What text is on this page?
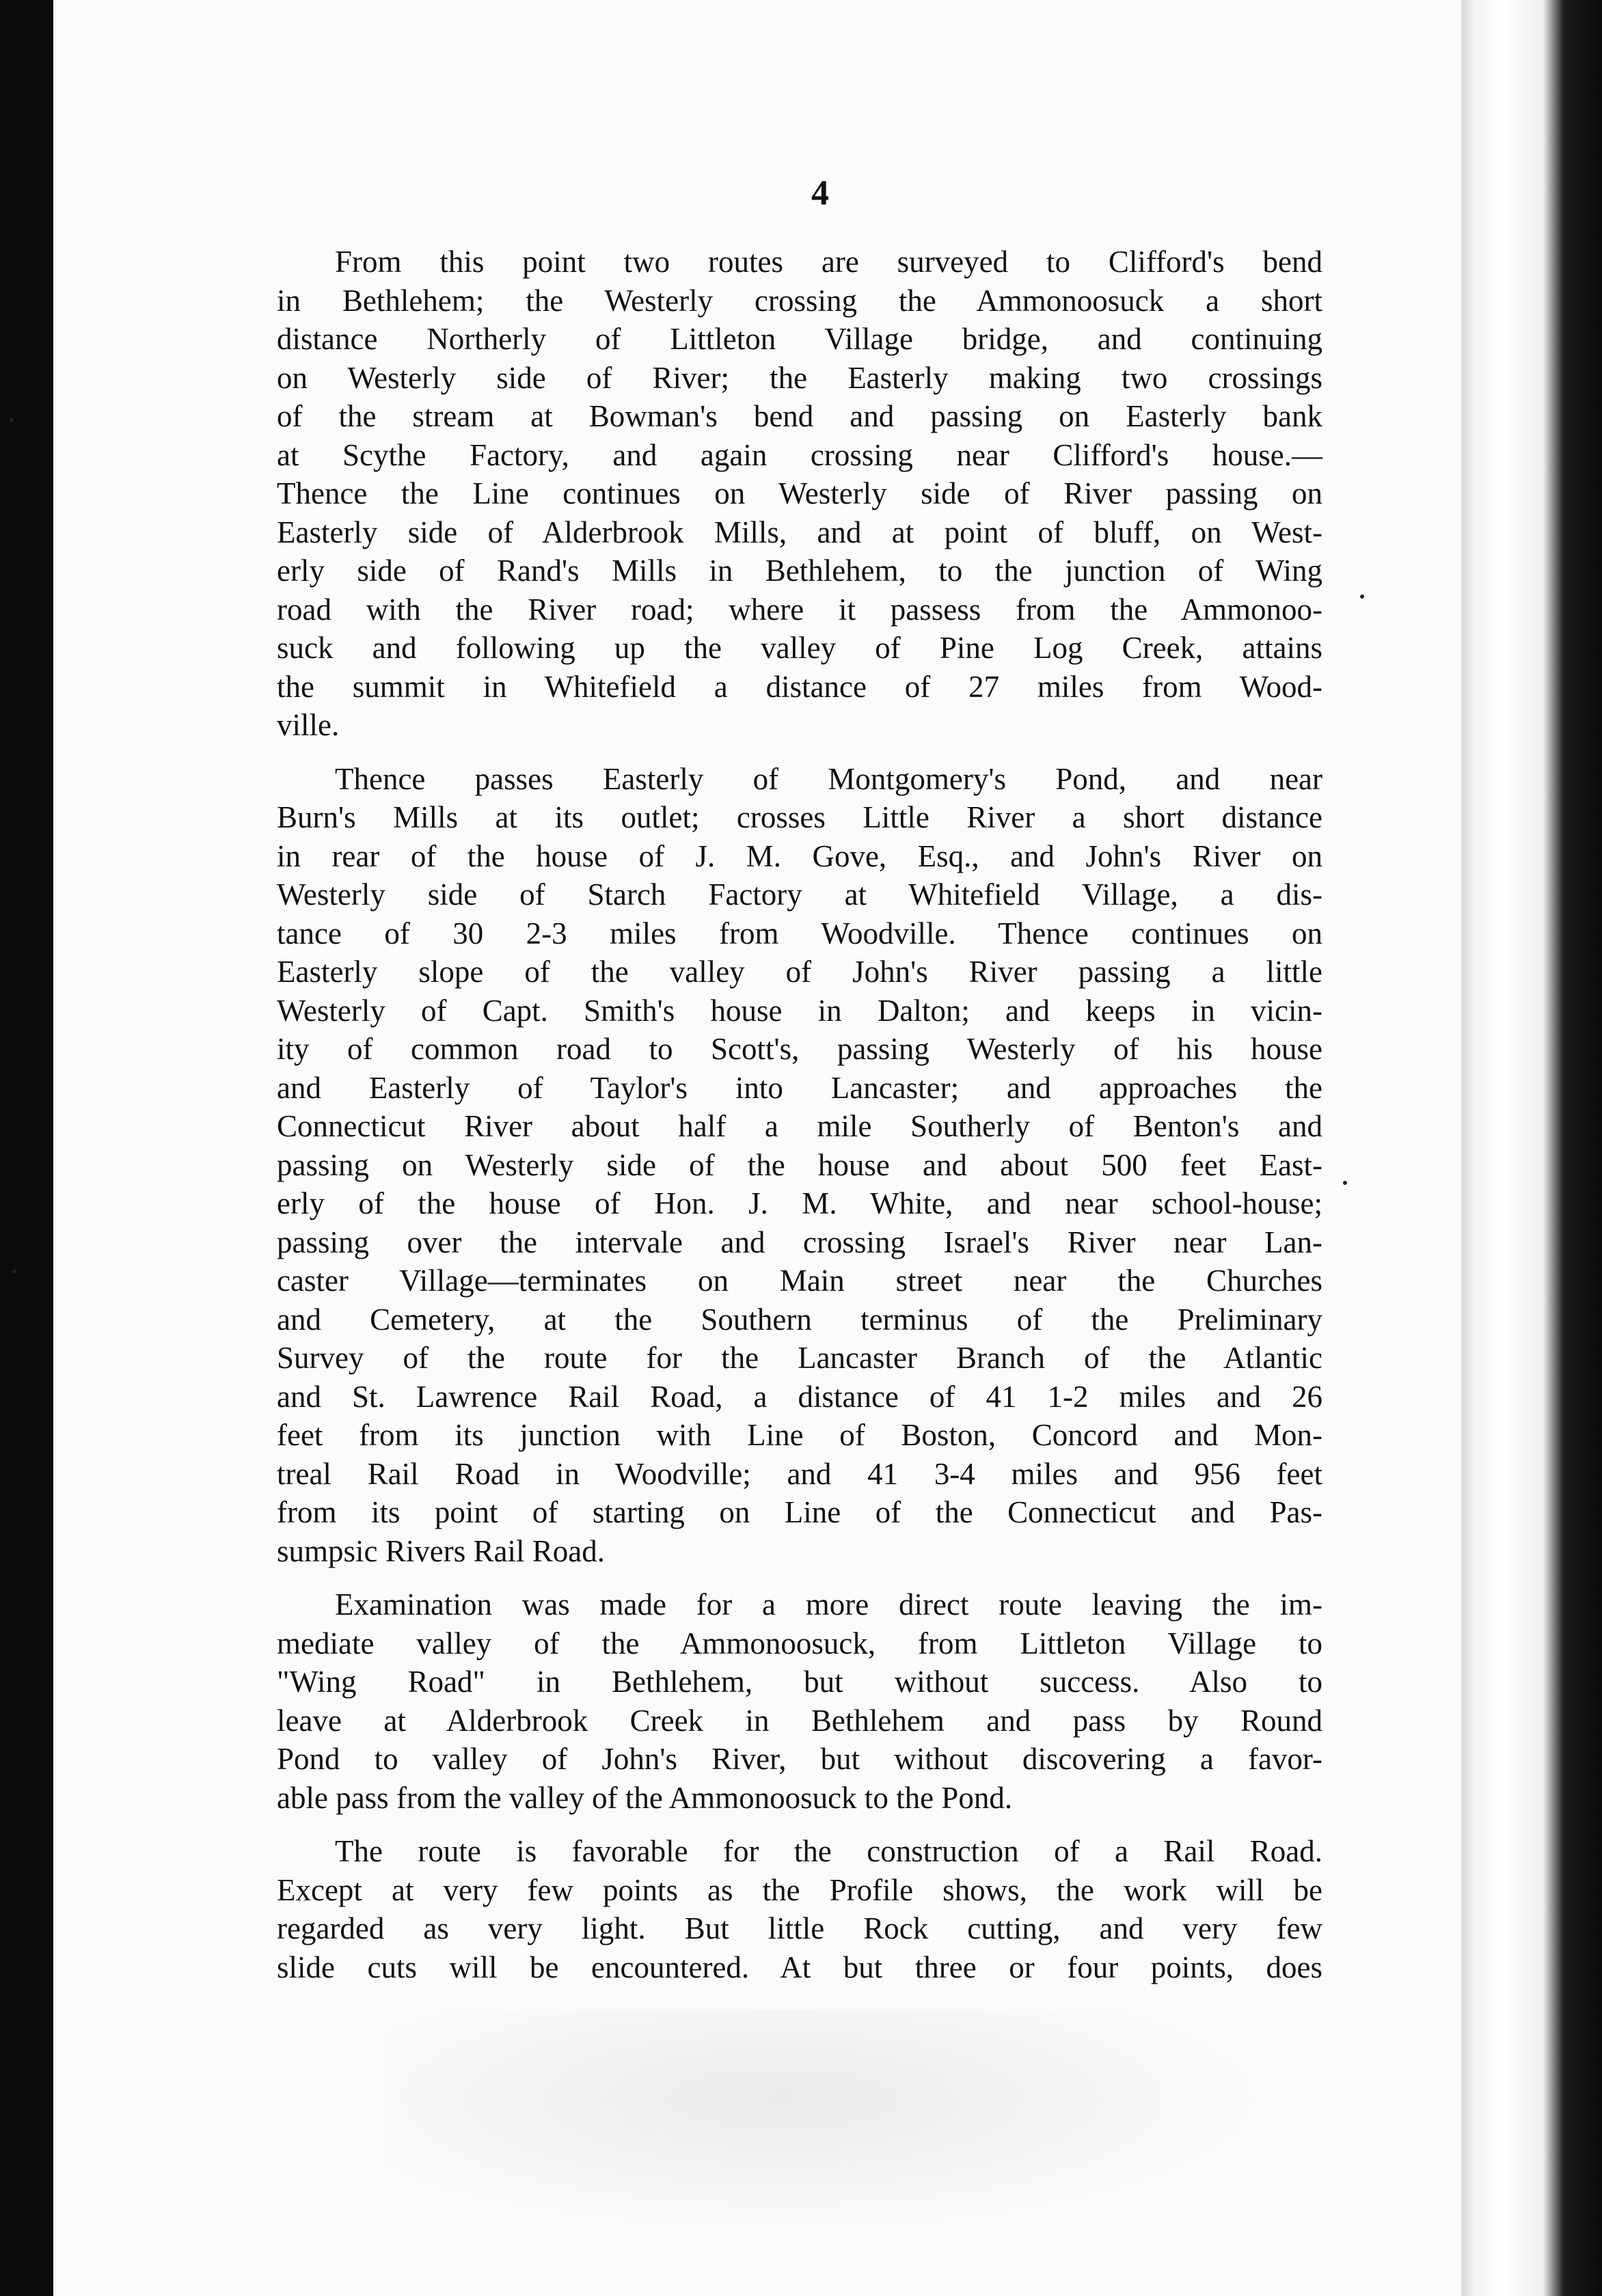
4

From this point two routes are surveyed to Clifford's bend

in Bethlehem; the Westerly crossing the Ammonoosuck a short

distance Northerly of Littleton Village bridge, and continuing

on Westerly side of River; the Easterly making two crossings

of the stream at Bowman's bend and passing on Easterly bank

at Scythe Factory, and again crossing near Clifford's house.—

Thence the Line continues on Westerly side of River passing on

Easterly side of Alderbrook Mills, and at point of bluff, on West-

erly side of Rand's Mills in Bethlehem, to the junction of Wing

road with the River road; where it passess from the Ammonoo-

suck and following up the valley of Pine Log Creek, attains

the summit in Whitefield a distance of 27 miles from Wood-

ville.

Thence passes Easterly of Montgomery's Pond, and near

Burn's Mills at its outlet; crosses Little River a short distance

in rear of the house of J. M. Gove, Esq., and John's River on

Westerly side of Starch Factory at Whitefield Village, a dis-

tance of 30 2-3 miles from Woodville. Thence continues on

Easterly slope of the valley of John's River passing a little

Westerly of Capt. Smith's house in Dalton; and keeps in vicin-

ity of common road to Scott's, passing Westerly of his house

and Easterly of Taylor's into Lancaster; and approaches the

Connecticut River about half a mile Southerly of Benton's and

passing on Westerly side of the house and about 500 feet East-

erly of the house of Hon. J. M. White, and near school-house;

passing over the intervale and crossing Israel's River near Lan-

caster Village—terminates on Main street near the Churches

and Cemetery, at the Southern terminus of the Preliminary

Survey of the route for the Lancaster Branch of the Atlantic

and St. Lawrence Rail Road, a distance of 41 1-2 miles and 26

feet from its junction with Line of Boston, Concord and Mon-

treal Rail Road in Woodville; and 41 3-4 miles and 956 feet

from its point of starting on Line of the Connecticut and Pas-

sumpsic Rivers Rail Road.

Examination was made for a more direct route leaving the im-

mediate valley of the Ammonoosuck, from Littleton Village to

"Wing Road" in Bethlehem, but without success. Also to

leave at Alderbrook Creek in Bethlehem and pass by Round

Pond to valley of John's River, but without discovering a favor-

able pass from the valley of the Ammonoosuck to the Pond.

The route is favorable for the construction of a Rail Road.

Except at very few points as the Profile shows, the work will be

regarded as very light. But little Rock cutting, and very few

slide cuts will be encountered. At but three or four points, does
